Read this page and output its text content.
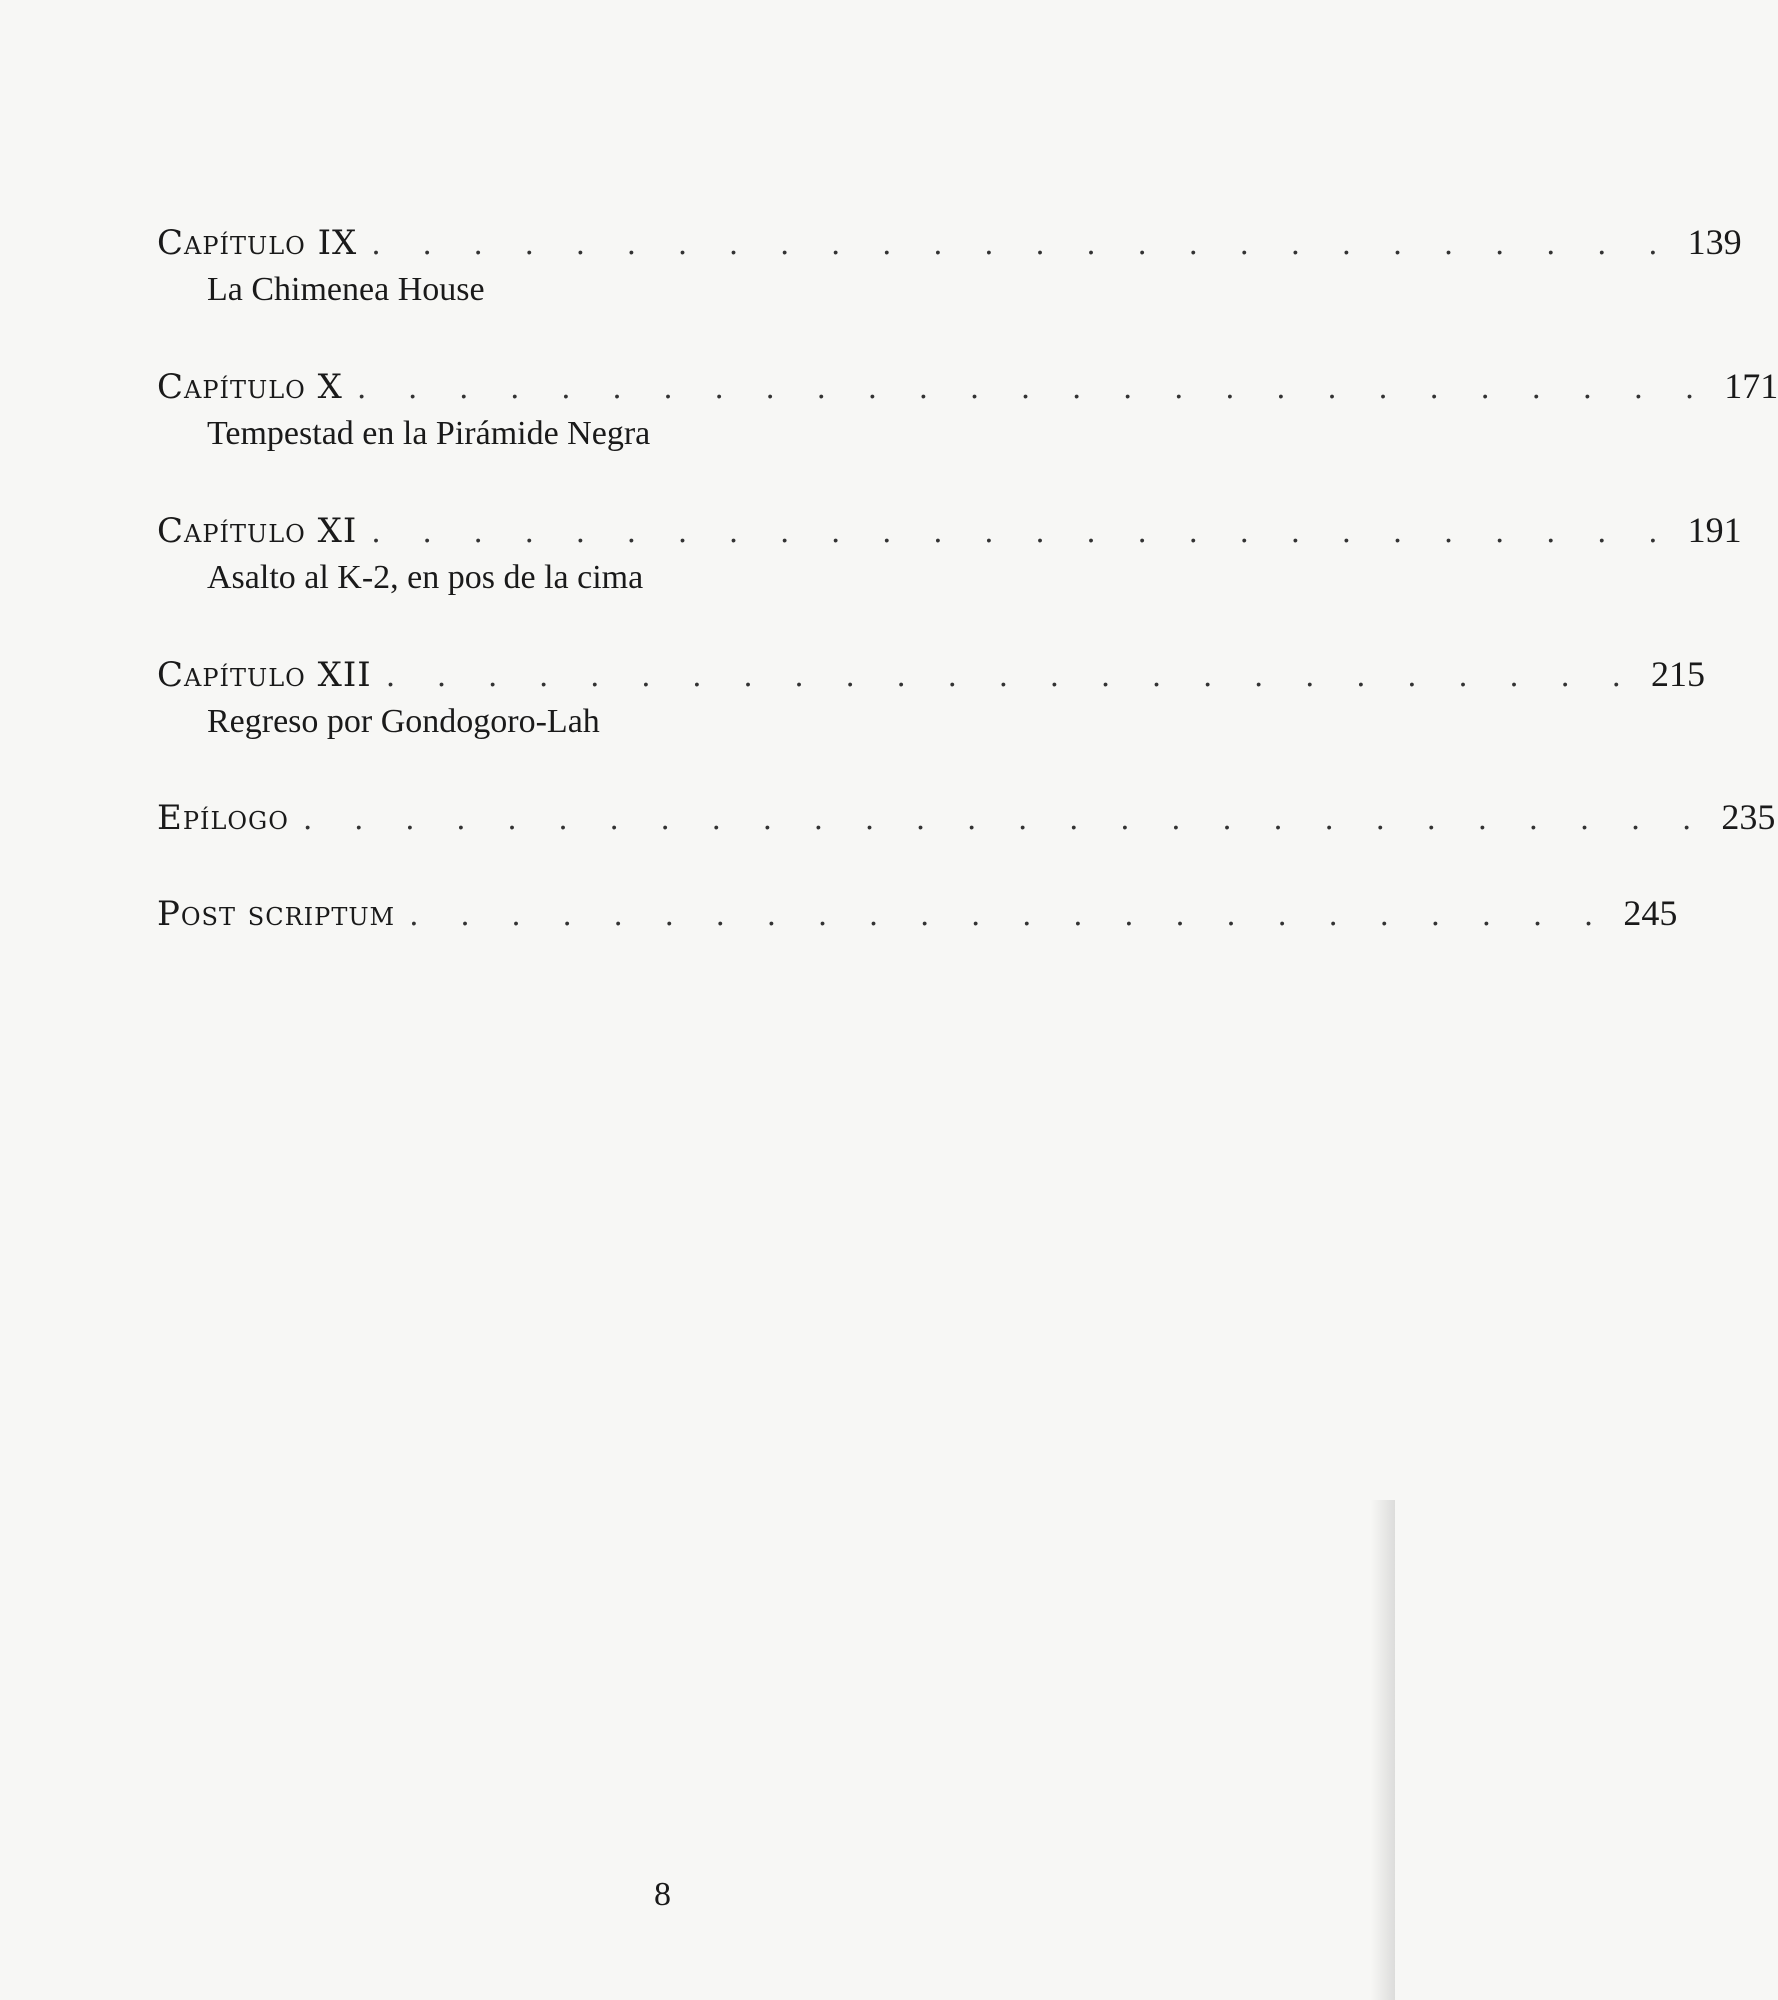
Capítulo IX . . . . . . . . . . . . . . . . . . . . . . . . . . 139
La Chimenea House
Capítulo X . . . . . . . . . . . . . . . . . . . . . . . . . . . 171
Tempestad en la Pirámide Negra
Capítulo XI . . . . . . . . . . . . . . . . . . . . . . . . . . 191
Asalto al K-2, en pos de la cima
Capítulo XII . . . . . . . . . . . . . . . . . . . . . . . . . 215
Regreso por Gondogoro-Lah
Epílogo . . . . . . . . . . . . . . . . . . . . . . . . . . . . 235
Post scriptum . . . . . . . . . . . . . . . . . . . . . . . . 245
8
